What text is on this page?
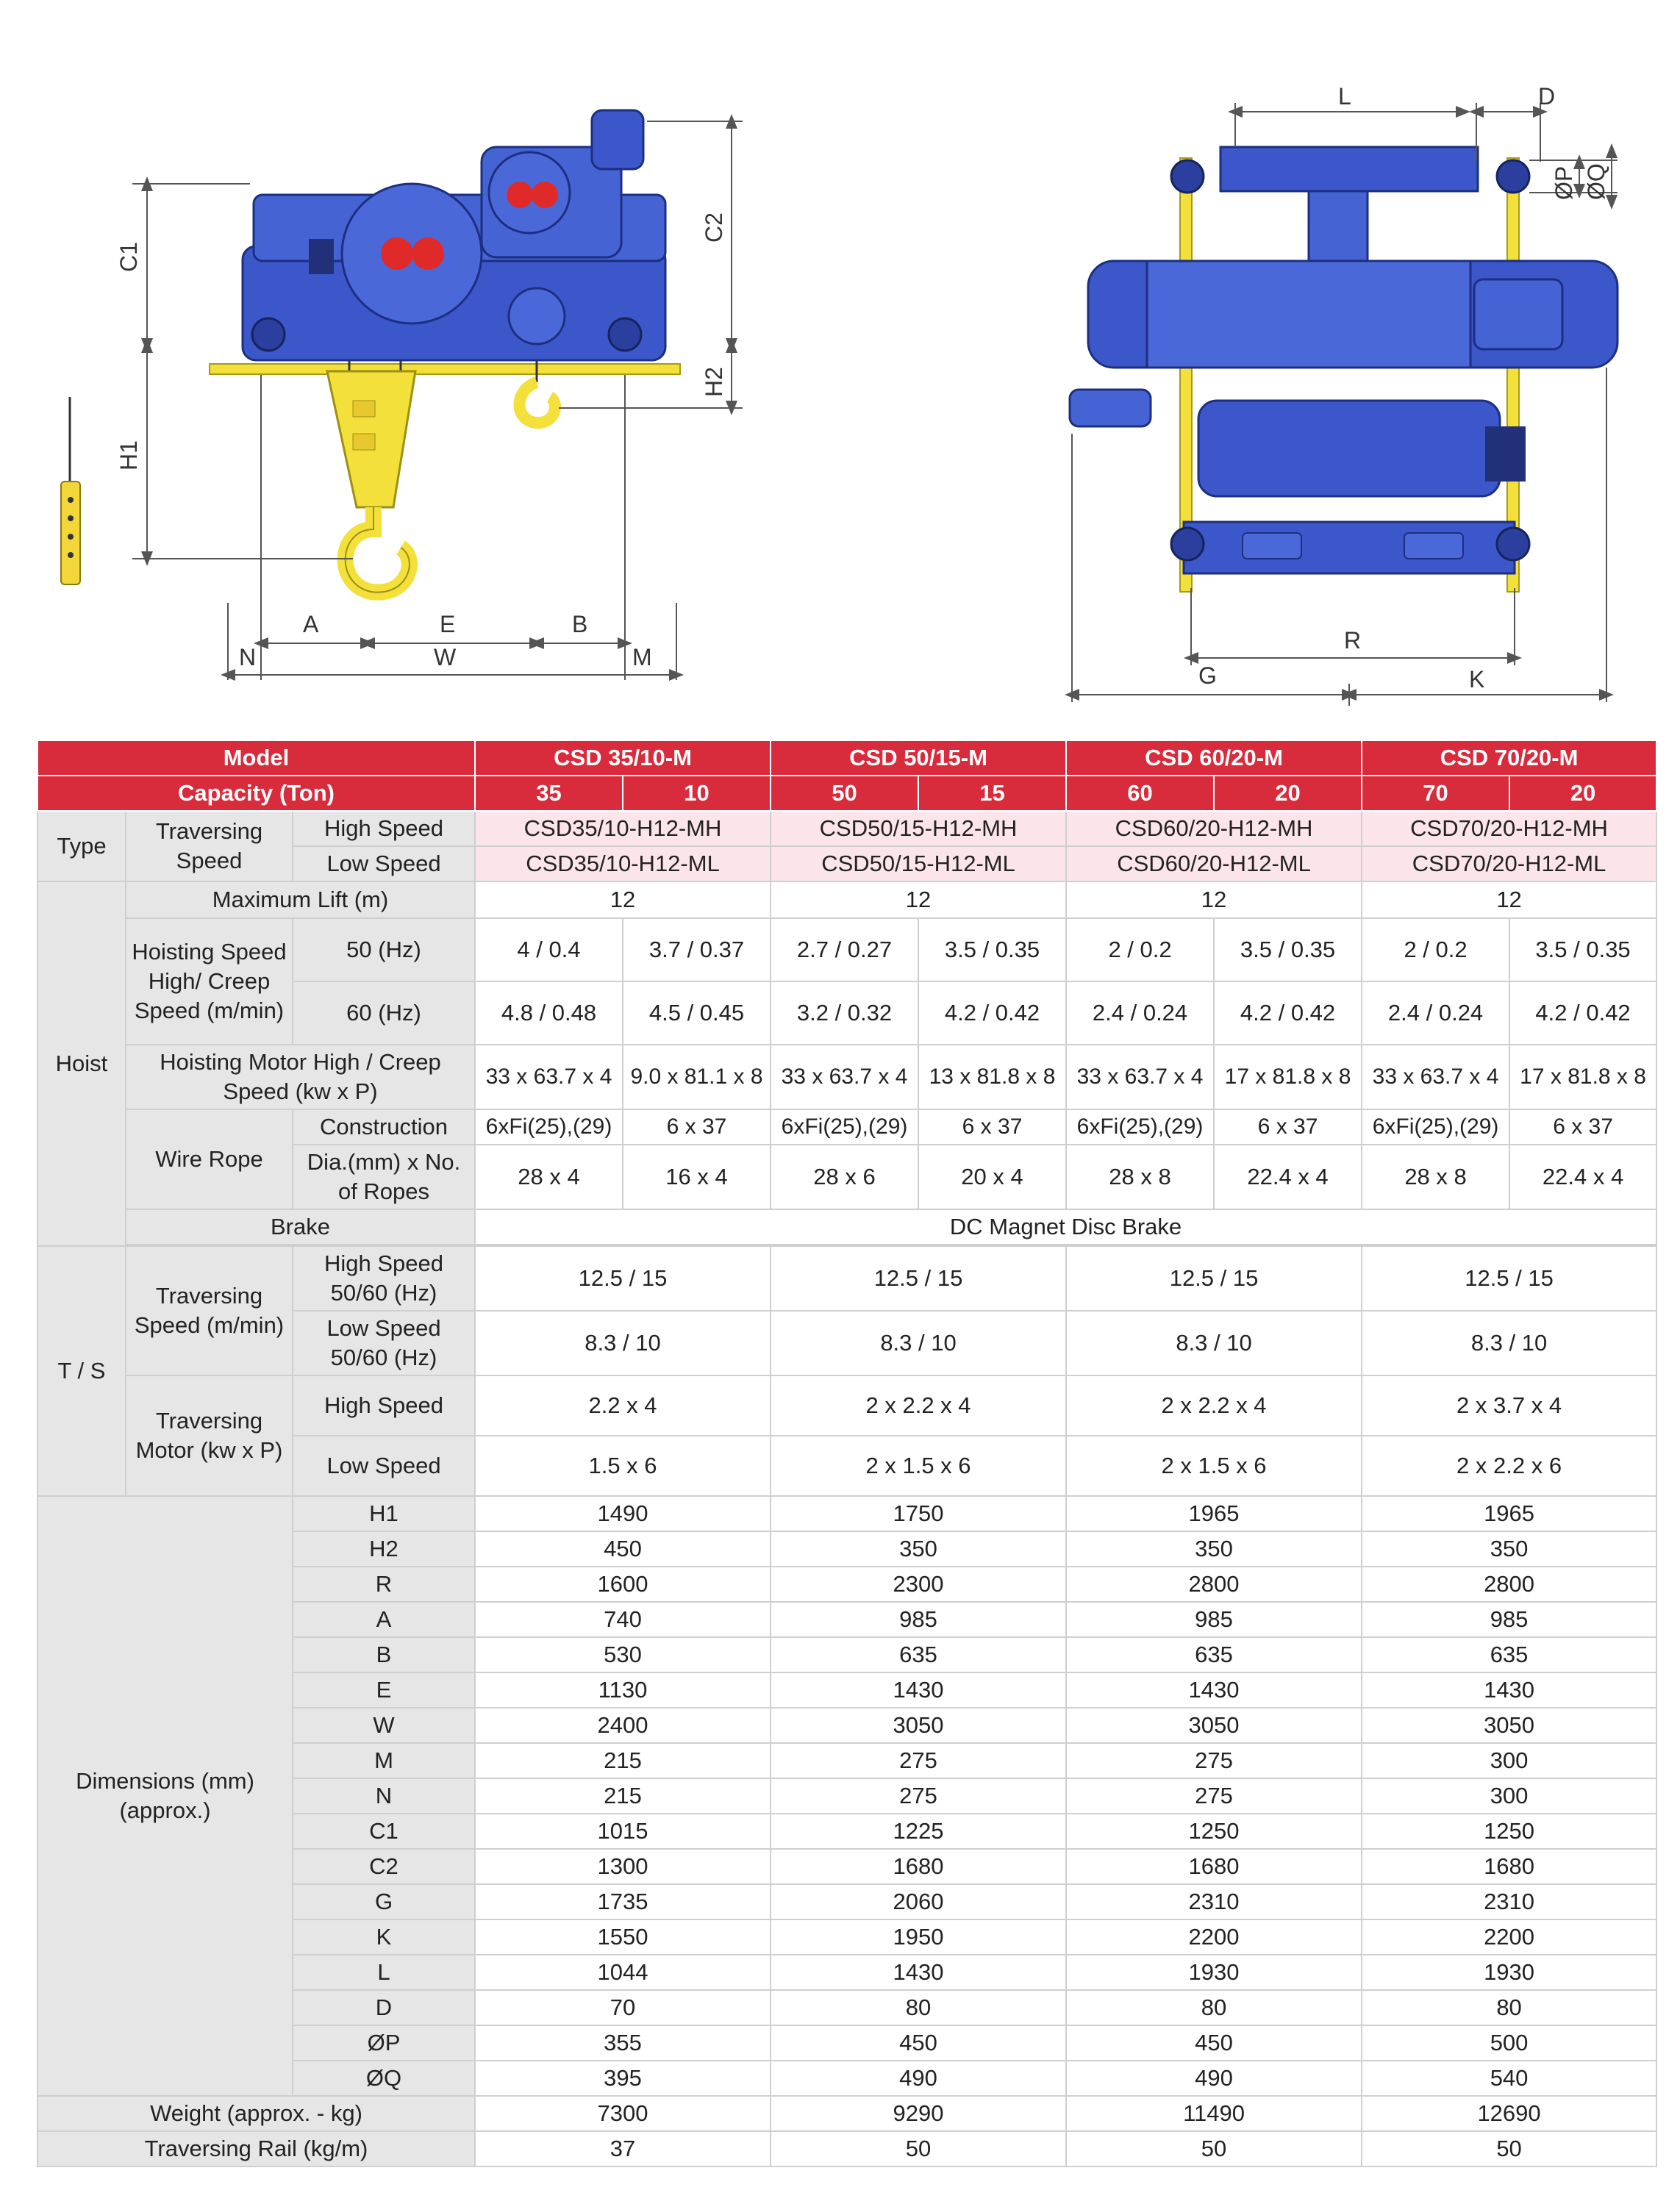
C1
C2
H1
H2
A	E	B
N	W	M
L	D
ØP ØQ
R
G	K
Model			CSD 35/10-M		CSD 50/15-M		CSD 60/20-M		CSD 70/20-M	
Capacity (Ton)			35	10	50	15	60	20	70	20
Type	Traversing Speed	High Speed	CSD35/10-H12-MH		CSD50/15-H12-MH		CSD60/20-H12-MH		CSD70/20-H12-MH	
		Low Speed	CSD35/10-H12-ML		CSD50/15-H12-ML		CSD60/20-H12-ML		CSD70/20-H12-ML	
Hoist	Maximum Lift (m)		12		12		12		12	
	Hoisting Speed High/ Creep Speed (m/min)	50 (Hz)	4 / 0.4	3.7 / 0.37	2.7 / 0.27	3.5 / 0.35	2 / 0.2	3.5 / 0.35	2 / 0.2	3.5 / 0.35
		60 (Hz)	4.8 / 0.48	4.5 / 0.45	3.2 / 0.32	4.2 / 0.42	2.4 / 0.24	4.2 / 0.42	2.4 / 0.24	4.2 / 0.42
	Hoisting Motor High / Creep Speed (kw x P)		33 x 63.7 x 4	9.0 x 81.1 x 8	33 x 63.7 x 4	13 x 81.8 x 8	33 x 63.7 x 4	17 x 81.8 x 8	33 x 63.7 x 4	17 x 81.8 x 8
	Wire Rope	Construction	6xFi(25),(29)	6 x 37	6xFi(25),(29)	6 x 37	6xFi(25),(29)	6 x 37	6xFi(25),(29)	6 x 37
		Dia.(mm) x No. of Ropes	28 x 4	16 x 4	28 x 6	20 x 4	28 x 8	22.4 x 4	28 x 8	22.4 x 4
	Brake		DC Magnet Disc Brake							

T / S	Traversing Speed (m/min)	High Speed 50/60 (Hz)	12.5 / 15		12.5 / 15		12.5 / 15		12.5 / 15	
		Low Speed 50/60 (Hz)	8.3 / 10		8.3 / 10		8.3 / 10		8.3 / 10	
	Traversing Motor (kw x P)	High Speed	2.2 x 4		2 x 2.2 x 4		2 x 2.2 x 4		2 x 3.7 x 4	
		Low Speed	1.5 x 6		2 x 1.5 x 6		2 x 1.5 x 6		2 x 2.2 x 6	
Dimensions (mm) (approx.)		H1	1490		1750		1965		1965	
		H2	450		350		350		350	
		R	1600		2300		2800		2800	
		A	740		985		985		985	
		B	530		635		635		635	
		E	1130		1430		1430		1430	
		W	2400		3050		3050		3050	
		M	215		275		275		300	
		N	215		275		275		300	
		C1	1015		1225		1250		1250	
		C2	1300		1680		1680		1680	
		G	1735		2060		2310		2310	
		K	1550		1950		2200		2200	
		L	1044		1430		1930		1930	
		D	70		80		80		80	
		ØP	355		450		450		500	
		ØQ	395		490		490		540	
Weight (approx. - kg)			7300		9290		11490		12690	
Traversing Rail (kg/m)			37		50		50		50	
